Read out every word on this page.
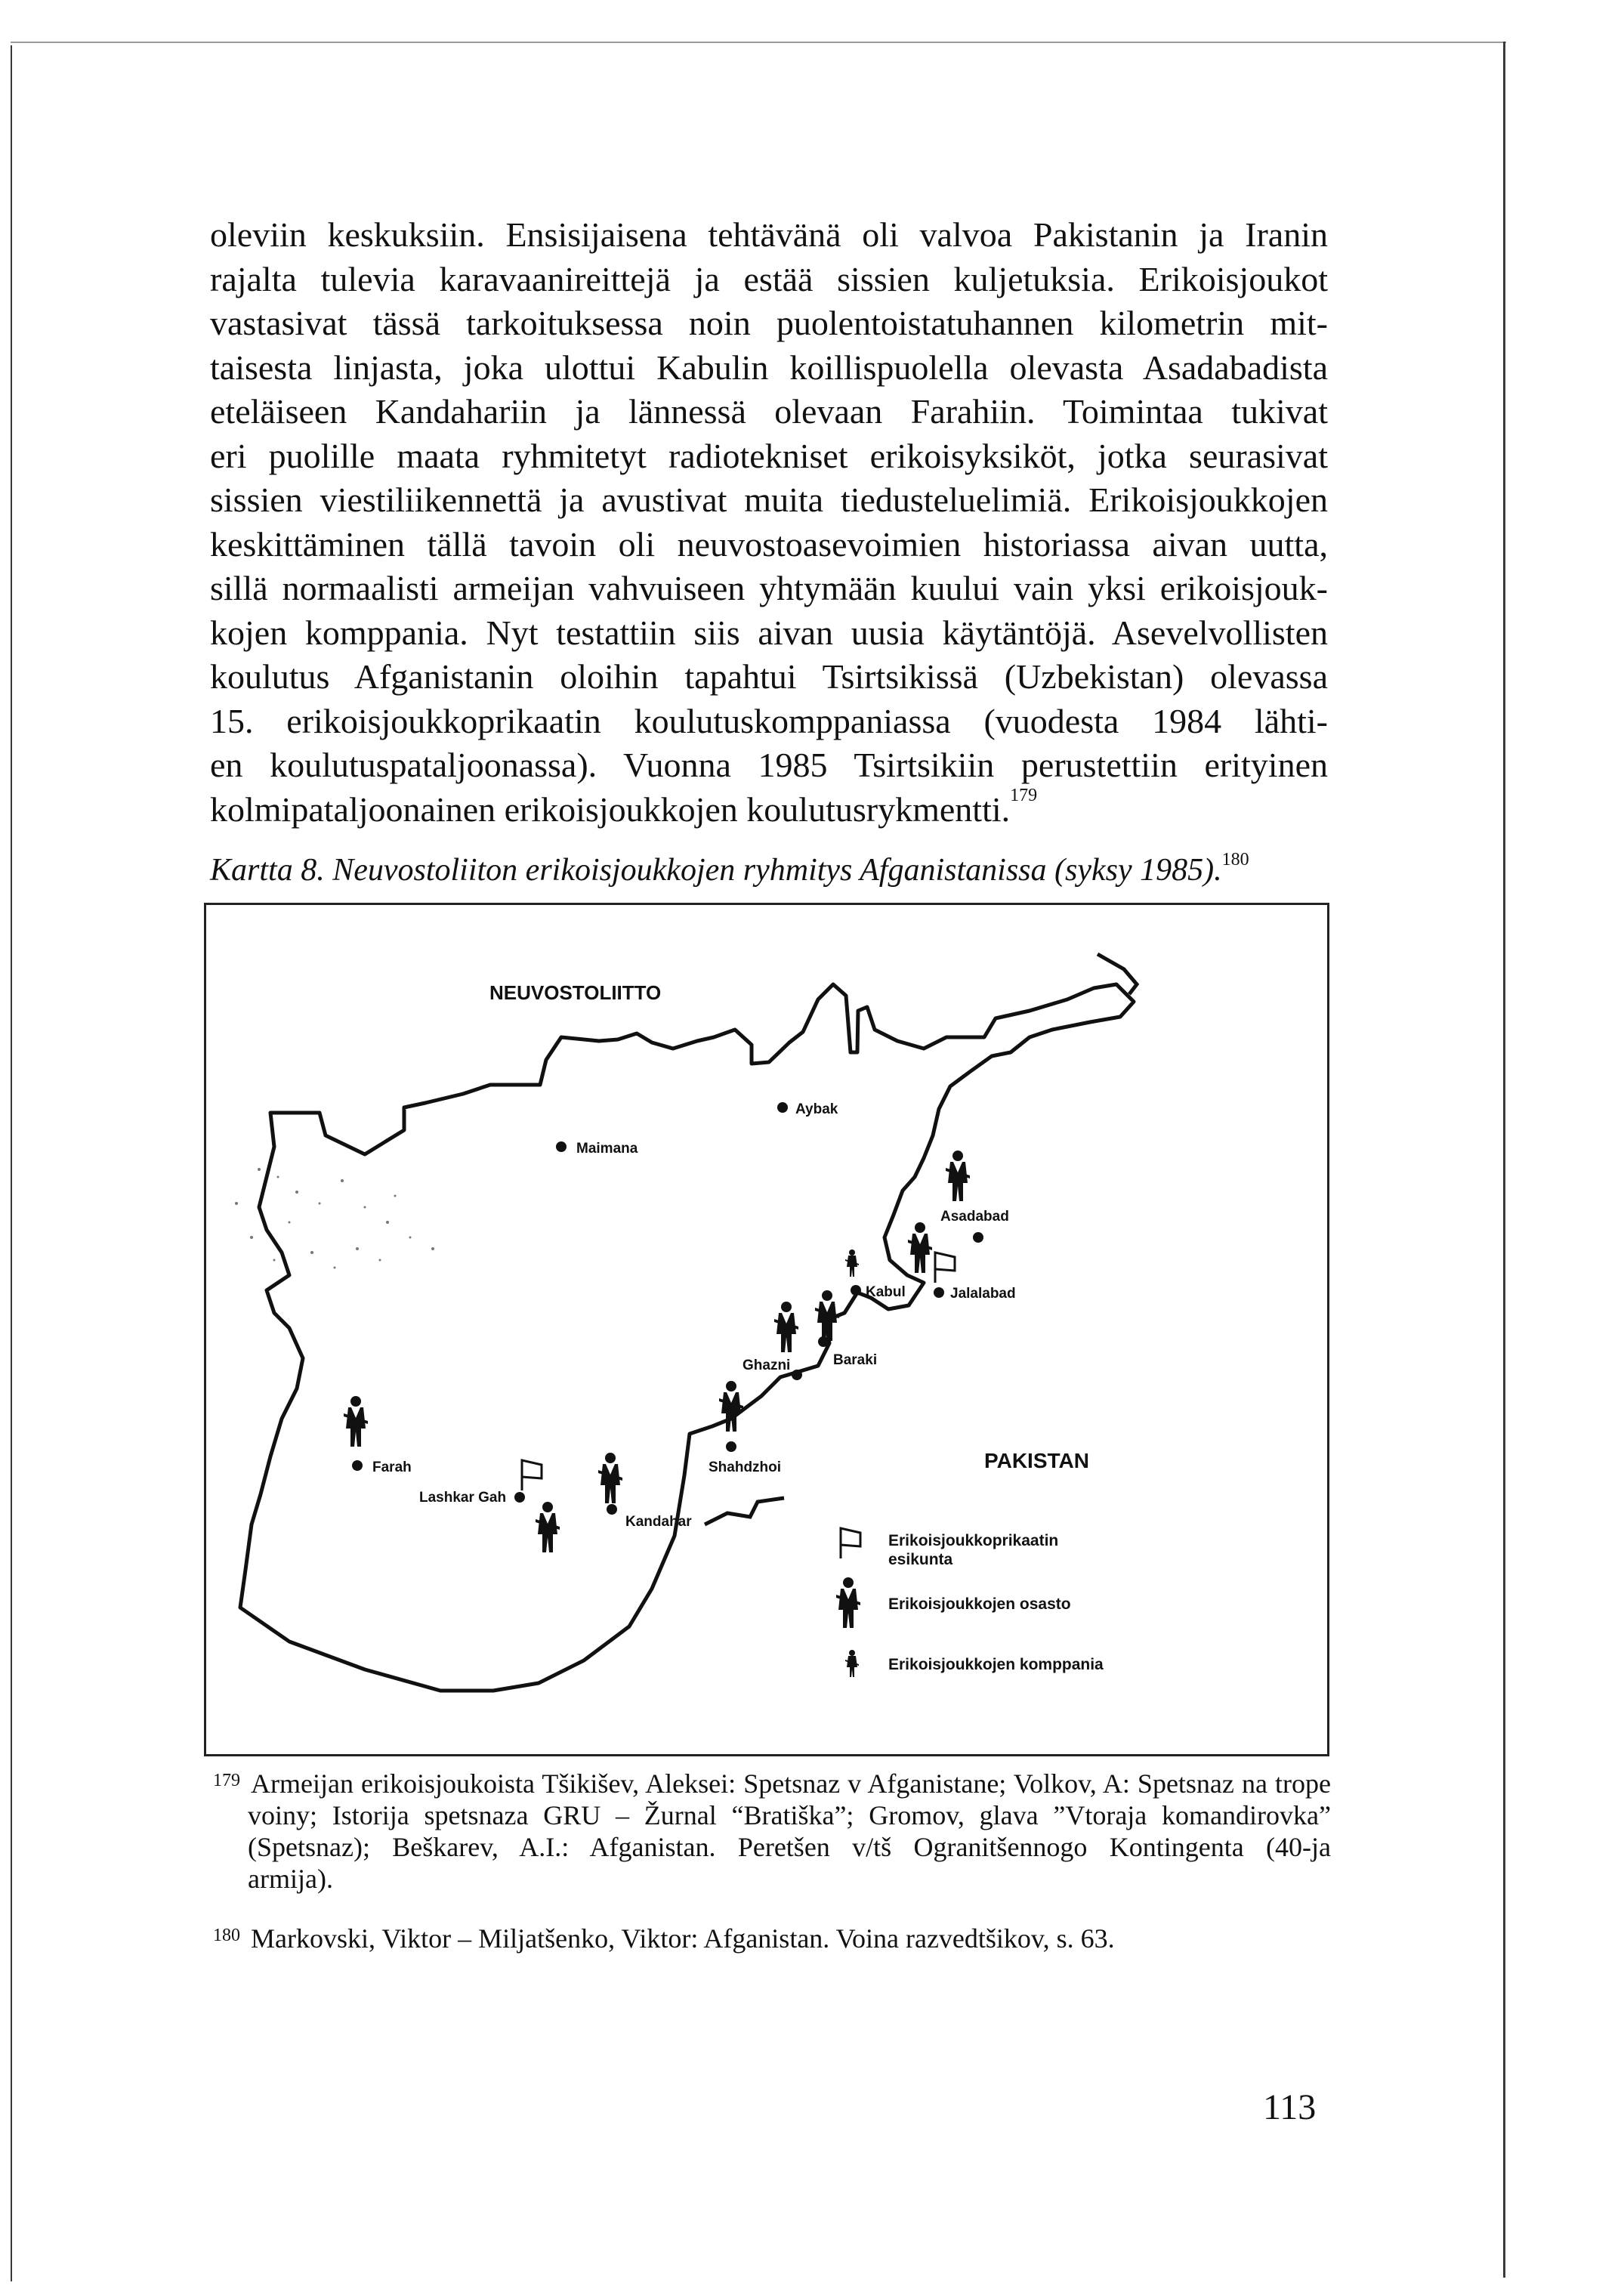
oleviin keskuksiin. Ensisijaisena tehtävänä oli valvoa Pakistanin ja Iranin
rajalta tulevia karavaanireittejä ja estää sissien kuljetuksia. Erikoisjoukot
vastasivat tässä tarkoituksessa noin puolentoistatuhannen kilometrin mit-
taisesta linjasta, joka ulottui Kabulin koillispuolella olevasta Asadabadista
eteläiseen Kandahariin ja lännessä olevaan Farahiin. Toimintaa tukivat
eri puolille maata ryhmitetyt radiotekniset erikoisyksiköt, jotka seurasivat
sissien viestiliikennettä ja avustivat muita tiedusteluelimiä. Erikoisjoukkojen
keskittäminen tällä tavoin oli neuvostoasevoimien historiassa aivan uutta,
sillä normaalisti armeijan vahvuiseen yhtymään kuului vain yksi erikoisjouk-
kojen komppania. Nyt testattiin siis aivan uusia käytäntöjä. Asevelvollisten
koulutus Afganistanin oloihin tapahtui Tsirtsikissä (Uzbekistan) olevassa
15. erikoisjoukkoprikaatin koulutuskomppaniassa (vuodesta 1984 lähti-
en koulutuspataljoonassa). Vuonna 1985 Tsirtsikiin perustettiin erityinen
kolmipataljoonainen erikoisjoukkojen koulutusrykmentti.$^{179}$

Kartta 8. Neuvostoliiton erikoisjoukkojen ryhmitys Afganistanissa (syksy 1985).$^{180}$
NEUVOSTOLIITTO
PAKISTAN
Maimana
Aybak
Asadabad
Kabul	Jalalabad
Ghazni	Baraki
Shahdzhoi
Farah
Lashkar Gah
Kandahar
Erikoisjoukkoprikaatin
esikunta
Erikoisjoukkojen osasto
Erikoisjoukkojen komppania
$^{179}$ Armeijan erikoisjoukoista Tšikišev, Aleksei: Spetsnaz v Afganistane; Volkov, A: Spetsnaz na trope
voiny; Istorija spetsnaza GRU – Žurnal “Bratiška”; Gromov, glava ”Vtoraja komandirovka”
(Spetsnaz); Beškarev, A.I.: Afganistan. Peretšen v/tš Ogranitšennogo Kontingenta (40-ja
armija).
$^{180}$ Markovski, Viktor – Miljatšenko, Viktor: Afganistan. Voina razvedtšikov, s. 63.
113
